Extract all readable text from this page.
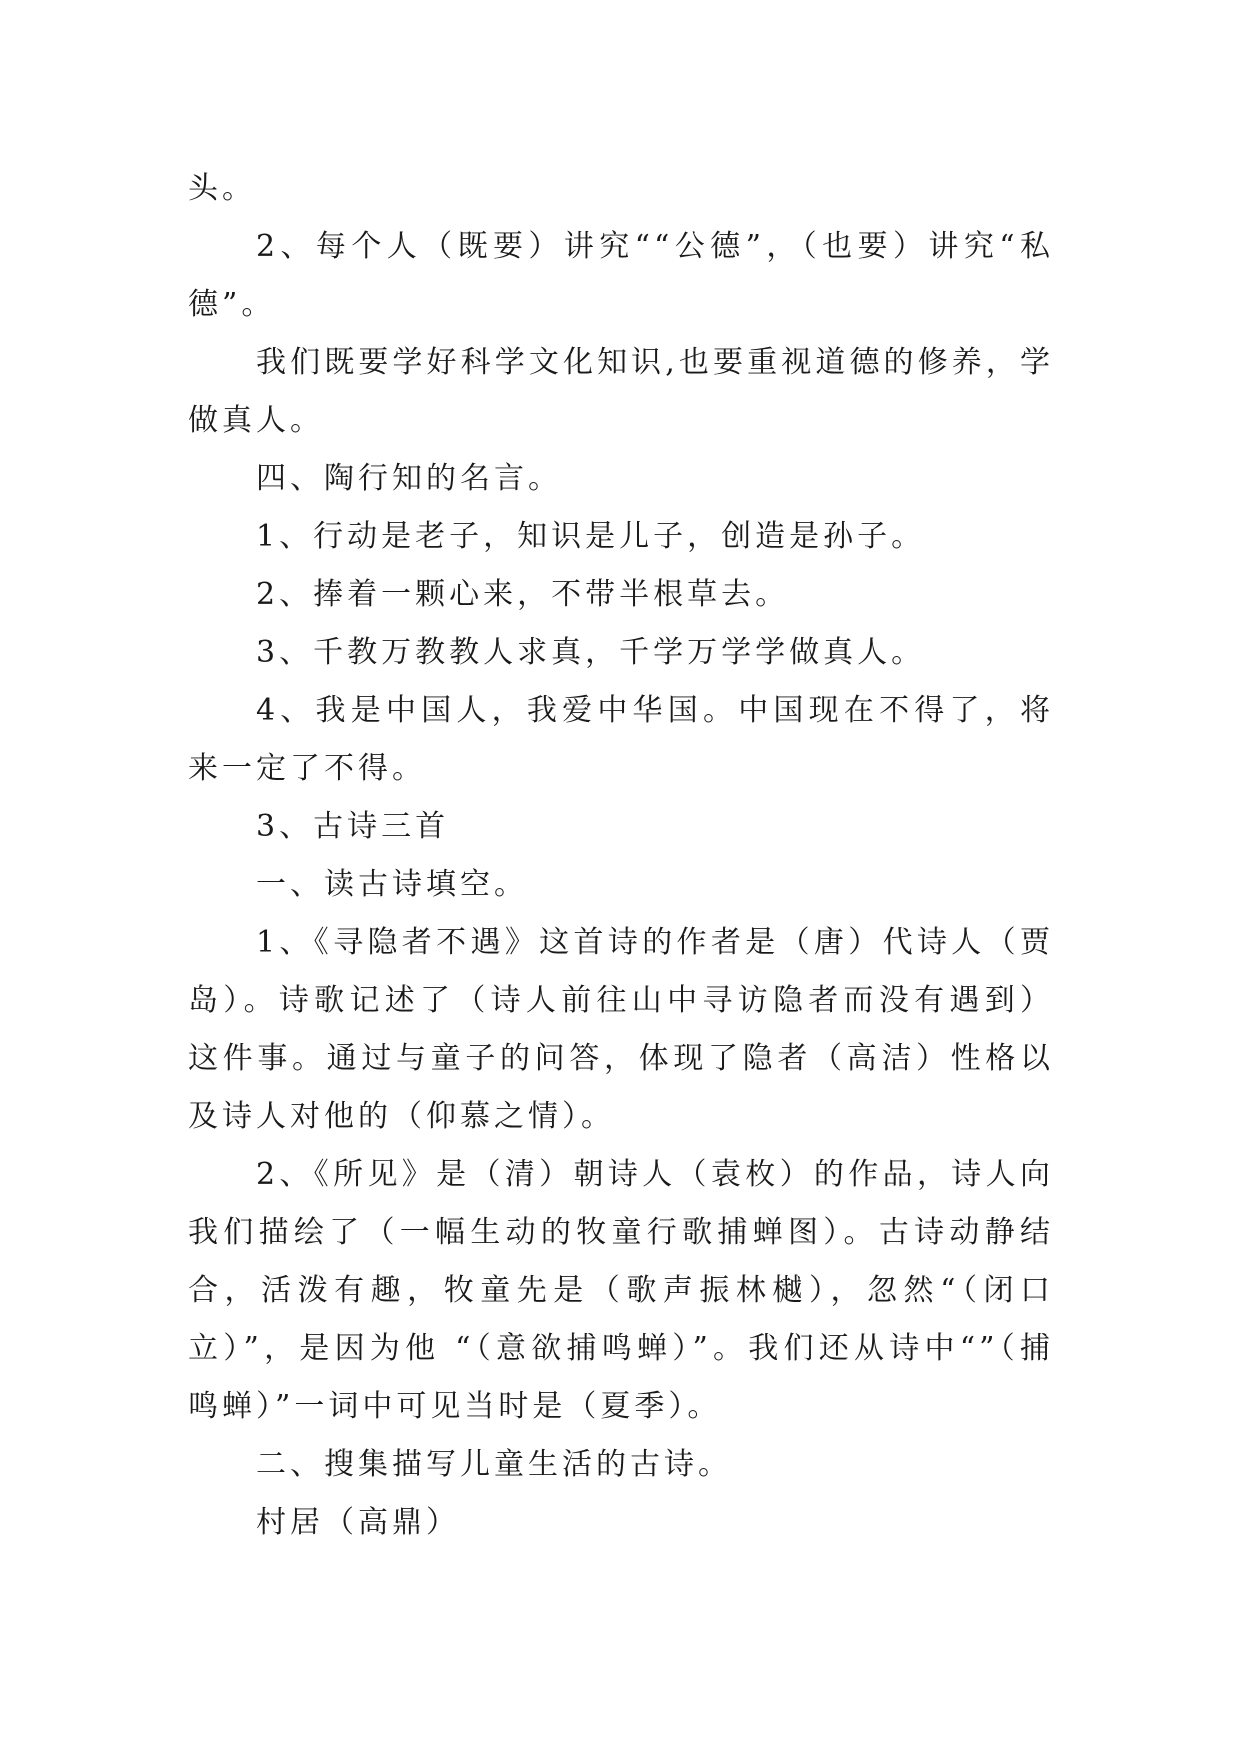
头。

2、每个人（既要）讲究““公德”，（也要）讲究“私德”。

我们既要学好科学文化知识,也要重视道德的修养，学做真人。

四、陶行知的名言。

1、行动是老子，知识是儿子，创造是孙子。

2、捧着一颗心来，不带半根草去。

3、千教万教教人求真，千学万学学做真人。

4、我是中国人，我爱中华国。中国现在不得了，将来一定了不得。

3、古诗三首

一、读古诗填空。

1、《寻隐者不遇》这首诗的作者是（唐）代诗人（贾岛）。诗歌记述了（诗人前往山中寻访隐者而没有遇到）这件事。通过与童子的问答，体现了隐者（高洁）性格以及诗人对他的（仰慕之情）。

2、《所见》是（清）朝诗人（袁枚）的作品，诗人向我们描绘了（一幅生动的牧童行歌捕蝉图）。古诗动静结合，活泼有趣，牧童先是（歌声振林樾），忽然“（闭口立）”，是因为他 “（意欲捕鸣蝉）”。我们还从诗中“”（捕鸣蝉）”一词中可见当时是（夏季）。

二、搜集描写儿童生活的古诗。

村居（高鼎）
